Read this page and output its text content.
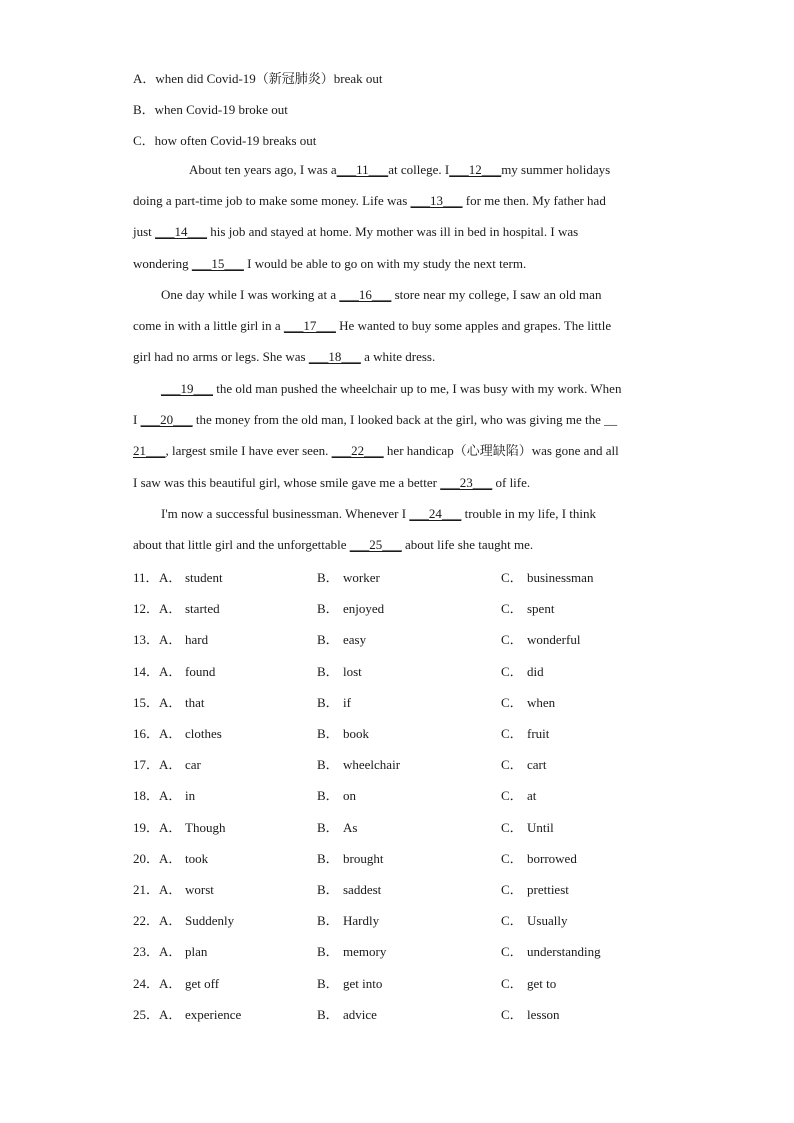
A．when did Covid-19（新冠肺炎）break out
B．when Covid-19 broke out
C．how often Covid-19 breaks out
About ten years ago, I was a___11___at college. I___12___my summer holidays
doing a part-time job to make some money. Life was ___13___ for me then. My father had
just ___14___ his job and stayed at home. My mother was ill in bed in hospital. I was
wondering ___15___ I would be able to go on with my study the next term.
One day while I was working at a ___16___ store near my college, I saw an old man
come in with a little girl in a ___17___ He wanted to buy some apples and grapes. The little
girl had no arms or legs. She was ___18___ a white dress.
___19___ the old man pushed the wheelchair up to me, I was busy with my work. When
I ___20___ the money from the old man, I looked back at the girl, who was giving me the __
21___, largest smile I have ever seen. ___22___ her handicap（心理缺陷）was gone and all
I saw was this beautiful girl, whose smile gave me a better ___23___ of life.
I'm now a successful businessman. Whenever I ___24___ trouble in my life, I think
about that little girl and the unforgettable ___25___ about life she taught me.
11． A． student	B． worker	C． businessman
12． A． started	B． enjoyed	C． spent
13． A． hard	B． easy	C． wonderful
14． A． found	B． lost	C． did
15． A． that	B． if	C． when
16． A． clothes	B． book	C． fruit
17． A． car	B． wheelchair	C． cart
18． A． in	B． on	C． at
19． A． Though	B． As	C． Until
20． A． took	B． brought	C． borrowed
21． A． worst	B． saddest	C． prettiest
22． A． Suddenly	B． Hardly	C． Usually
23． A． plan	B． memory	C． understanding
24． A． get off	B． get into	C． get to
25． A． experience	B． advice	C． lesson
